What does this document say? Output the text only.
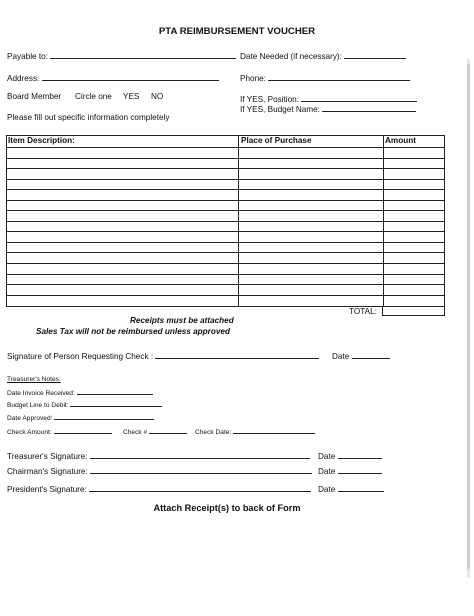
PTA REIMBURSEMENT VOUCHER
Payable to:	Date Needed (if necessary):
Address:	Phone:
Board Member Circle one YES NO	If YES, Position:
If YES, Budget Name:
Please fill out specific information completely
Item Description:	Place of Purchase	Amount
TOTAL:
Receipts must be attached
Sales Tax will not be reimbursed unless approved
Signature of Person Requesting Check :	Date
Treasurer's Notes:
Date Invoice Received:
Budget Line to Debit:
Date Approved:
Check Amount:	Check #	Check Date:
Treasurer's Signature:	Date
Chairman's Signature:	Date
President's Signature:	Date
Attach Receipt(s) to back of Form
